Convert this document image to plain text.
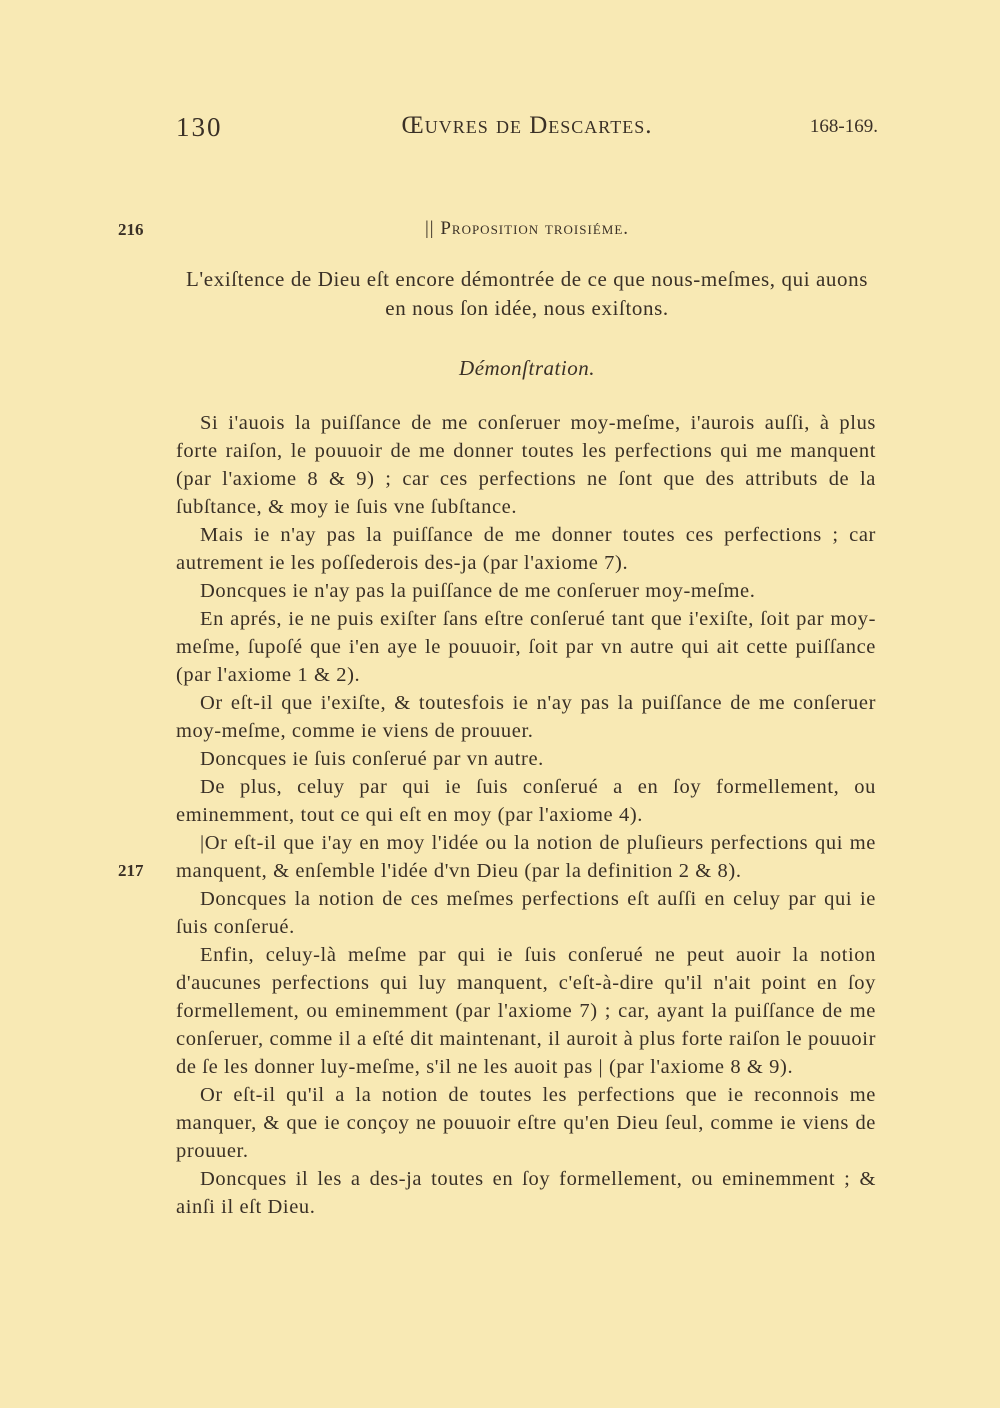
130	Œuvres de Descartes.	168-169.
216
217
|| Proposition troisiéme.
L'exiſtence de Dieu eſt encore démontrée de ce que nous-meſmes, qui auons en nous ſon idée, nous exiſtons.
Démonſtration.

Si i'auois la puiſſance de me conſeruer moy-meſme, i'aurois auſſi, à plus forte raiſon, le pouuoir de me donner toutes les perfections qui me manquent (par l'axiome 8 & 9) ; car ces perfections ne ſont que des attributs de la ſubſtance, & moy ie ſuis vne ſubſtance.

Mais ie n'ay pas la puiſſance de me donner toutes ces perfections ; car autrement ie les poſſederois des-ja (par l'axiome 7).

Doncques ie n'ay pas la puiſſance de me conſeruer moy-meſme.

En aprés, ie ne puis exiſter ſans eſtre conſerué tant que i'exiſte, ſoit par moy-meſme, ſupoſé que i'en aye le pouuoir, ſoit par vn autre qui ait cette puiſſance (par l'axiome 1 & 2).

Or eſt-il que i'exiſte, & toutesfois ie n'ay pas la puiſſance de me conſeruer moy-meſme, comme ie viens de prouuer.

Doncques ie ſuis conſerué par vn autre.

De plus, celuy par qui ie ſuis conſerué a en ſoy formellement, ou eminemment, tout ce qui eſt en moy (par l'axiome 4).

|Or eſt-il que i'ay en moy l'idée ou la notion de pluſieurs perfections qui me manquent, & enſemble l'idée d'vn Dieu (par la definition 2 & 8).

Doncques la notion de ces meſmes perfections eſt auſſi en celuy par qui ie ſuis conſerué.

Enfin, celuy-là meſme par qui ie ſuis conſerué ne peut auoir la notion d'aucunes perfections qui luy manquent, c'eſt-à-dire qu'il n'ait point en ſoy formellement, ou eminemment (par l'axiome 7) ; car, ayant la puiſſance de me conſeruer, comme il a eſté dit maintenant, il auroit à plus forte raiſon le pouuoir de ſe les donner luy-meſme, s'il ne les auoit pas | (par l'axiome 8 & 9).

Or eſt-il qu'il a la notion de toutes les perfections que ie reconnois me manquer, & que ie conçoy ne pouuoir eſtre qu'en Dieu ſeul, comme ie viens de prouuer.

Doncques il les a des-ja toutes en ſoy formellement, ou eminemment ; & ainſi il eſt Dieu.
